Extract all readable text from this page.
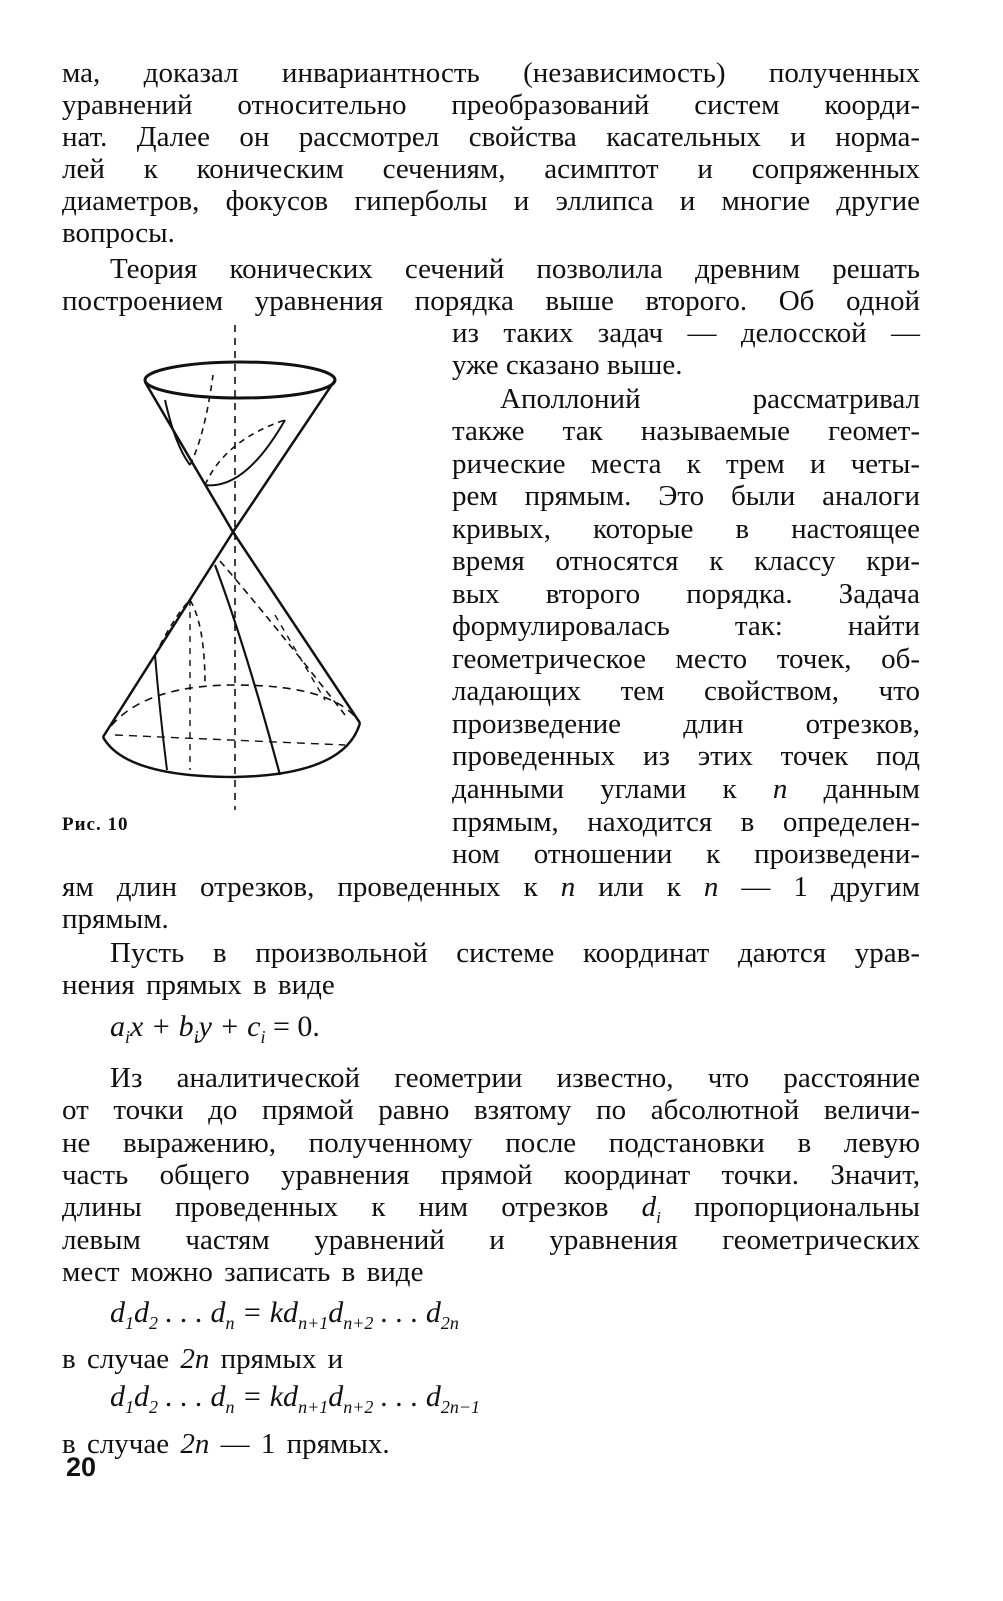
ма, доказал инвариантность (независимость) полученных
уравнений относительно преобразований систем коорди-
нат. Далее он рассмотрел свойства касательных и норма-
лей к коническим сечениям, асимптот и сопряженных
диаметров, фокусов гиперболы и эллипса и многие другие
вопросы.
Теория конических сечений позволила древним решать
построением уравнения порядка выше второго. Об одной
из таких задач — делосской —
уже сказано выше.
Аполлоний рассматривал
также так называемые геомет-
рические места к трем и четы-
рем прямым. Это были аналоги
кривых, которые в настоящее
время относятся к классу кри-
вых второго порядка. Задача
формулировалась так: найти
геометрическое место точек, об-
ладающих тем свойством, что
произведение длин отрезков,
проведенных из этих точек под
данными углами к n данным
прямым, находится в определен-
ном отношении к произведени-
ям длин отрезков, проведенных к n или к n — 1 другим
прямым.
Пусть в произвольной системе координат даются урав-
нения прямых в виде
$a_ix + b_iy + c_i = 0$.
Из аналитической геометрии известно, что расстояние
от точки до прямой равно взятому по абсолютной величи-
не выражению, полученному после подстановки в левую
часть общего уравнения прямой координат точки. Значит,
длины проведенных к ним отрезков $d_i$ пропорциональны
левым частям уравнений и уравнения геометрических
мест можно записать в виде
$d_1d_2$ . . . $d_n = kd_{n+1}d_{n+2}$ . . . $d_{2n}$
в случае 2n прямых и
$d_1d_2$ . . . $d_n = kd_{n+1}d_{n+2}$ . . . $d_{2n-1}$
в случае 2n — 1 прямых.
Рис. 10
20
